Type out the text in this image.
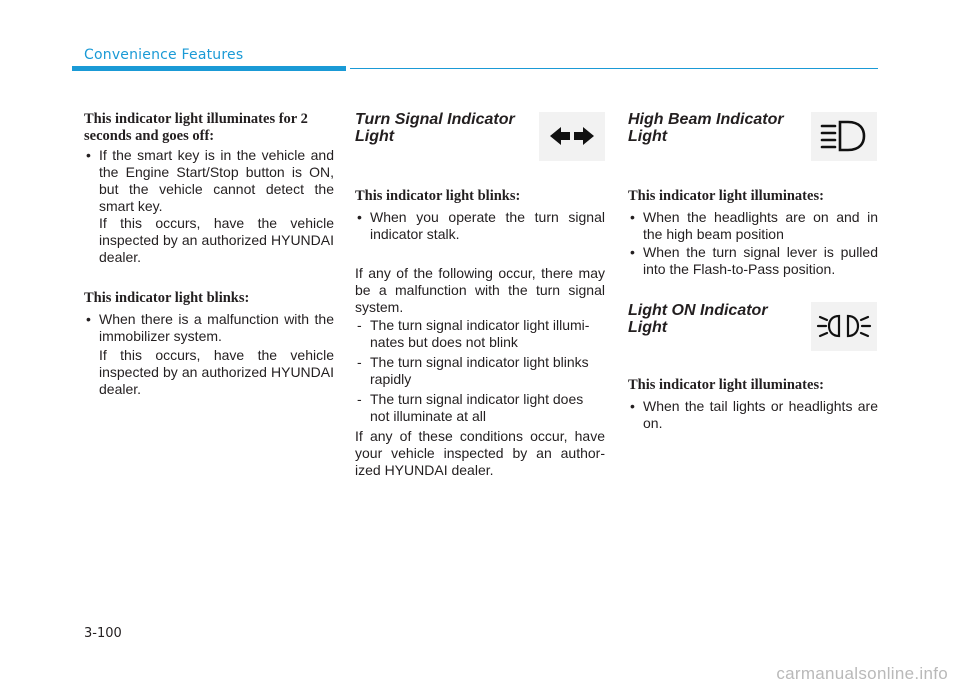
Convenience Features

This indicator light illuminates for 2 seconds and goes off:

• If the smart key is in the vehicle and the Engine Start/Stop button is ON, but the vehicle cannot detect the smart key.

If this occurs, have the vehicle inspected by an authorized HYUNDAI dealer.

This indicator light blinks:

• When there is a malfunction with the immobilizer system.

If this occurs, have the vehicle inspected by an authorized HYUNDAI dealer.

Turn Signal Indicator Light

This indicator light blinks:

• When you operate the turn signal indicator stalk.

If any of the following occur, there may be a malfunction with the turn signal system.

- The turn signal indicator light illumi-nates but does not blink

- The turn signal indicator light blinks rapidly

- The turn signal indicator light does not illuminate at all

If any of these conditions occur, have your vehicle inspected by an author-ized HYUNDAI dealer.

High Beam Indicator Light

This indicator light illuminates:

• When the headlights are on and in the high beam position

• When the turn signal lever is pulled into the Flash-to-Pass position.

Light ON Indicator Light

This indicator light illuminates:

• When the tail lights or headlights are on.

3-100
carmanualsonline.info
